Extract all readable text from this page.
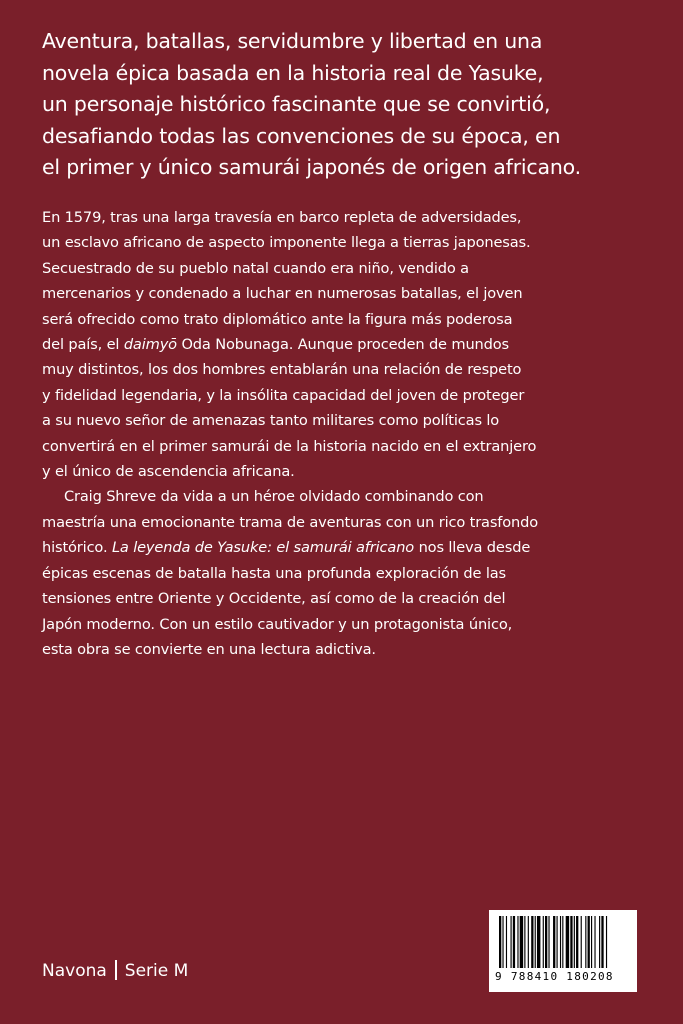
Aventura, batallas, servidumbre y libertad en una
novela épica basada en la historia real de Yasuke,
un personaje histórico fascinante que se convirtió,
desafiando todas las convenciones de su época, en
el primer y único samurái japonés de origen africano.
En 1579, tras una larga travesía en barco repleta de adversidades,
un esclavo africano de aspecto imponente llega a tierras japonesas.
Secuestrado de su pueblo natal cuando era niño, vendido a
mercenarios y condenado a luchar en numerosas batallas, el joven
será ofrecido como trato diplomático ante la figura más poderosa
del país, el daimyō Oda Nobunaga. Aunque proceden de mundos
muy distintos, los dos hombres entablarán una relación de respeto
y fidelidad legendaria, y la insólita capacidad del joven de proteger
a su nuevo señor de amenazas tanto militares como políticas lo
convertirá en el primer samurái de la historia nacido en el extranjero
y el único de ascendencia africana.
Craig Shreve da vida a un héroe olvidado combinando con
maestría una emocionante trama de aventuras con un rico trasfondo
histórico. La leyenda de Yasuke: el samurái africano nos lleva desde
épicas escenas de batalla hasta una profunda exploración de las
tensiones entre Oriente y Occidente, así como de la creación del
Japón moderno. Con un estilo cautivador y un protagonista único,
esta obra se convierte en una lectura adictiva.
Navona Serie M	9 788410 180208
